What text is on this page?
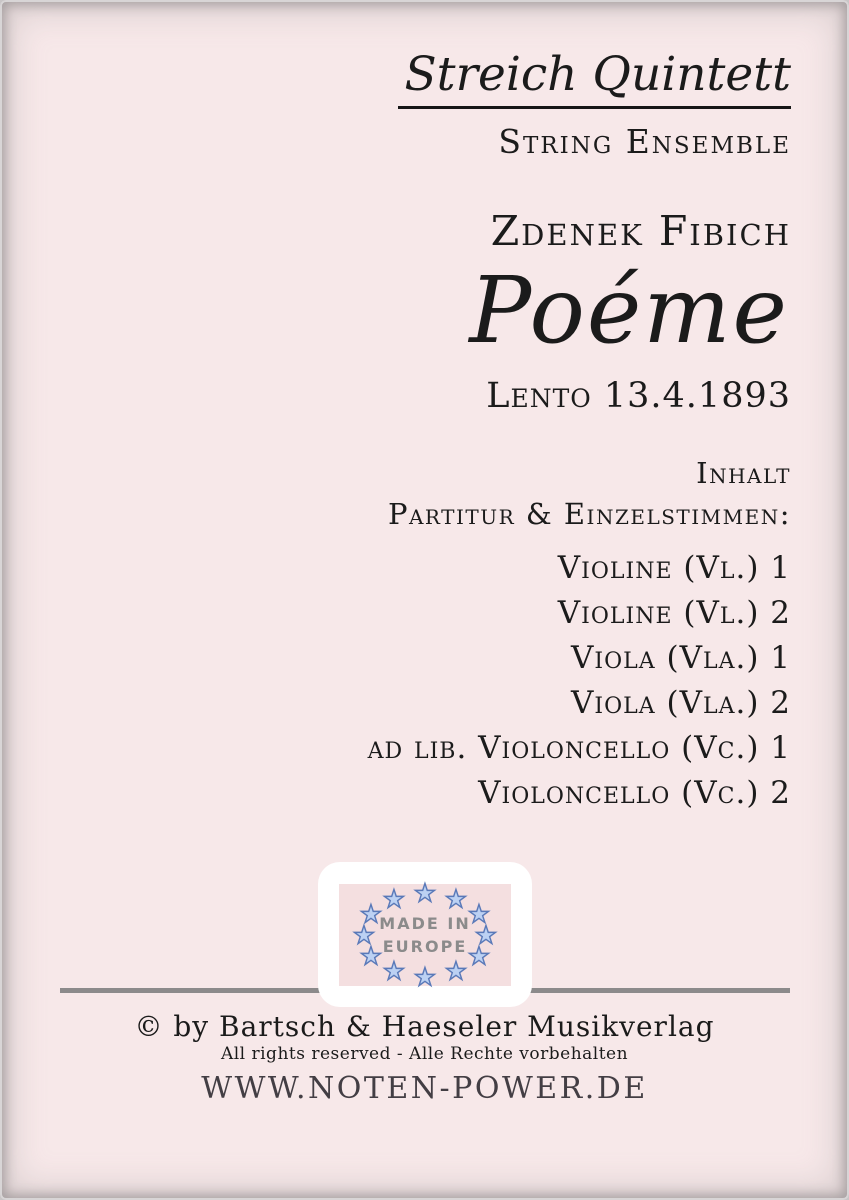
Streich Quintett
String Ensemble
Zdenek Fibich
Poéme
Lento 13.4.1893
Inhalt
Partitur & Einzelstimmen:
Violine (Vl.) 1
Violine (Vl.) 2
Viola (Vla.) 1
Viola (Vla.) 2
ad lib. Violoncello (Vc.) 1
Violoncello (Vc.) 2
★ ★
★
★
★
★
★
★
★
★
★
★
MADE IN
EUROPE
© by Bartsch & Haeseler Musikverlag
All rights reserved - Alle Rechte vorbehalten
WWW.NOTEN-POWER.DE
